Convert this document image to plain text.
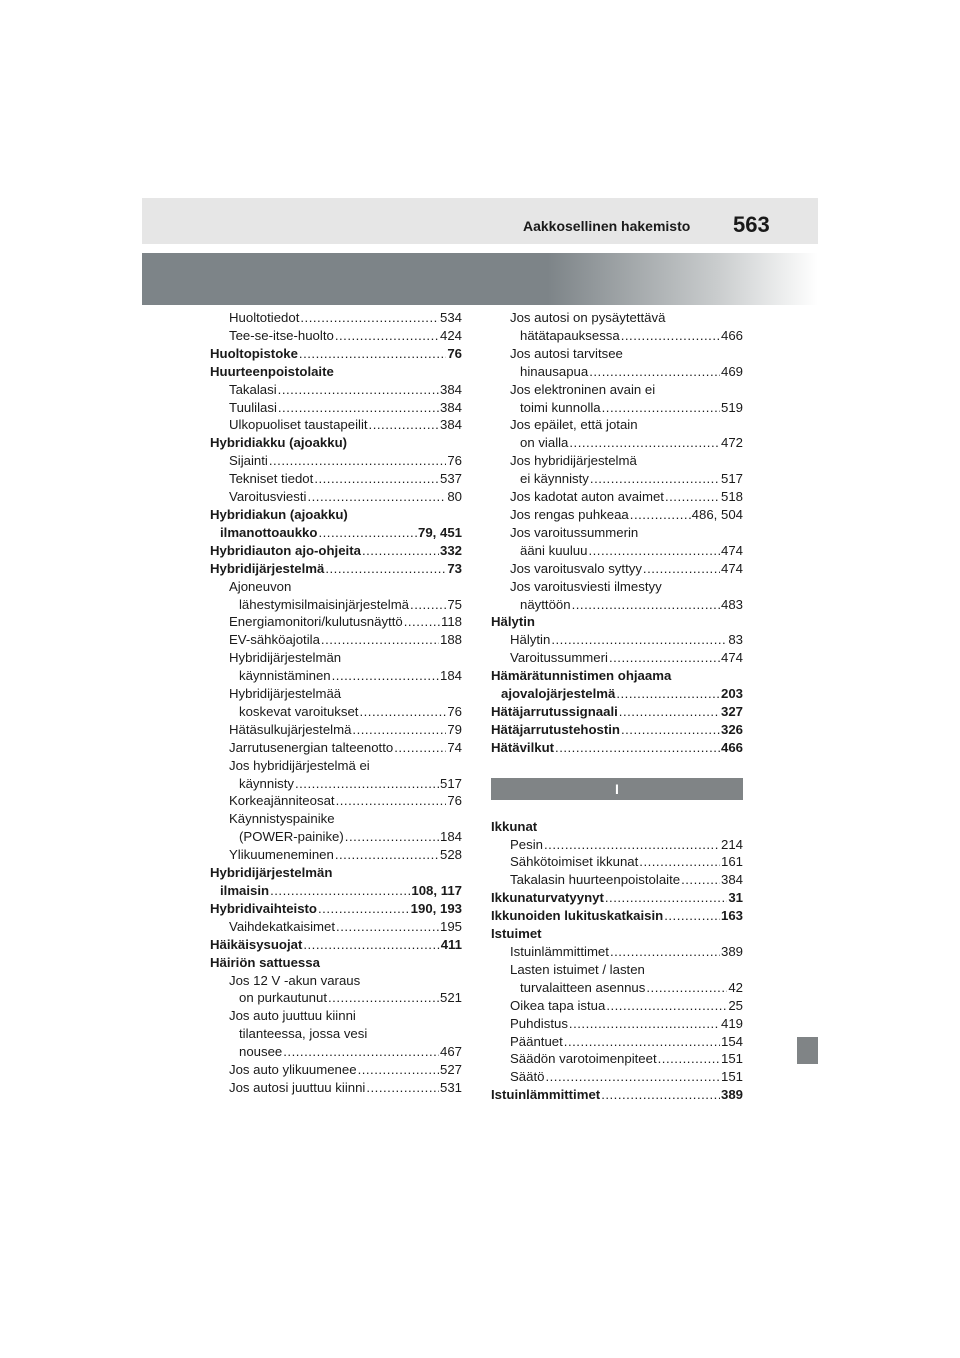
Aakkosellinen hakemisto 563
Huoltotiedot .....	534
Tee-se-itse-huolto .....	424
Huoltopistoke .....	76
Huurteenpoistolaite
Takalasi .....	384
Tuulilasi .....	384
Ulkopuoliset taustapeilit .....	384
Hybridiakku (ajoakku)
Sijainti .....	76
Tekniset tiedot .....	537
Varoitusviesti .....	80
Hybridiakun (ajoakku)
ilmanottoaukko .....	79, 451
Hybridiauton ajo-ohjeita .....	332
Hybridijärjestelmä .....	73
Ajoneuvon
lähestymisilmaisinjärjestelmä .....	75
Energiamonitori/kulutusnäyttö .....	118
EV-sähköajotila .....	188
Hybridijärjestelmän
käynnistäminen .....	184
Hybridijärjestelmää
koskevat varoitukset .....	76
Hätäsulkujärjestelmä .....	79
Jarrutusenergian talteenotto .....	74
Jos hybridijärjestelmä ei
käynnisty .....	517
Korkeajänniteosat .....	76
Käynnistyspainike
(POWER-painike) .....	184
Ylikuumeneminen .....	528
Hybridijärjestelmän
ilmaisin .....	108, 117
Hybridivaihteisto .....	190, 193
Vaihdekatkaisimet .....	195
Häikäisysuojat .....	411
Häiriön sattuessa
Jos 12 V -akun varaus
on purkautunut .....	521
Jos auto juuttuu kiinni
tilanteessa, jossa vesi
nousee .....	467
Jos auto ylikuumenee .....	527
Jos autosi juuttuu kiinni .....	531
Jos autosi on pysäytettävä
hätätapauksessa .....	466
Jos autosi tarvitsee
hinausapua .....	469
Jos elektroninen avain ei
toimi kunnolla .....	519
Jos epäilet, että jotain
on vialla .....	472
Jos hybridijärjestelmä
ei käynnisty .....	517
Jos kadotat auton avaimet .....	518
Jos rengas puhkeaa .....	486, 504
Jos varoitussummerin
ääni kuuluu .....	474
Jos varoitusvalo syttyy .....	474
Jos varoitusviesti ilmestyy
näyttöön .....	483
Hälytin
Hälytin .....	83
Varoitussummeri .....	474
Hämärätunnistimen ohjaama
ajovalojärjestelmä .....	203
Hätäjarrutussignaali .....	327
Hätäjarrutustehostin .....	326
Hätävilkut .....	466
I
Ikkunat
Pesin .....	214
Sähkötoimiset ikkunat .....	161
Takalasin huurteenpoistolaite .....	384
Ikkunaturvatyynyt .....	31
Ikkunoiden lukituskatkaisin .....	163
Istuimet
Istuinlämmittimet .....	389
Lasten istuimet / lasten
turvalaitteen asennus .....	42
Oikea tapa istua .....	25
Puhdistus .....	419
Pääntuet .....	154
Säädön varotoimenpiteet .....	151
Säätö .....	151
Istuinlämmittimet .....	389
